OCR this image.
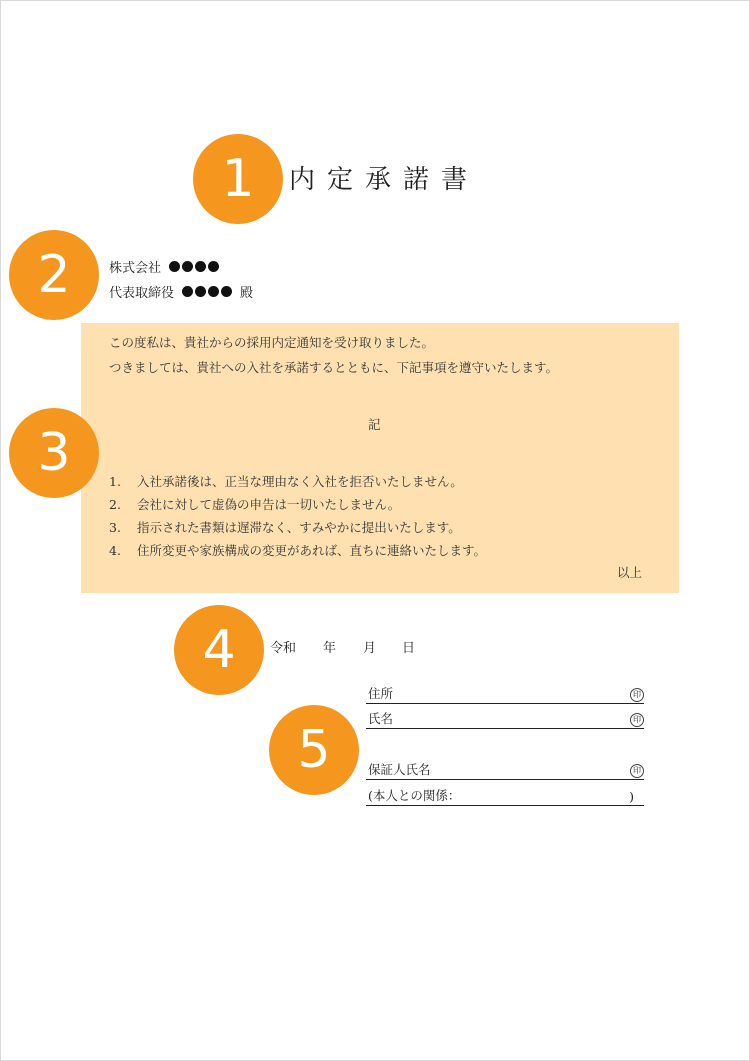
1	内定承諾書
2	株式会社
代表取締役	殿
この度私は、貴社からの採用内定通知を受け取りました。
つきましては、貴社への入社を承諾するとともに、下記事項を遵守いたします。
記
1. 入社承諾後は、正当な理由なく入社を拒否いたしません。
2. 会社に対して虚偽の申告は一切いたしません。
3. 指示された書類は遅滞なく、すみやかに提出いたします。
4. 住所変更や家族構成の変更があれば、直ちに連絡いたします。
以上
3
4	令和 年 月 日
5
住所	印
氏名	印
保証人氏名	印
(本人との関係：	)
